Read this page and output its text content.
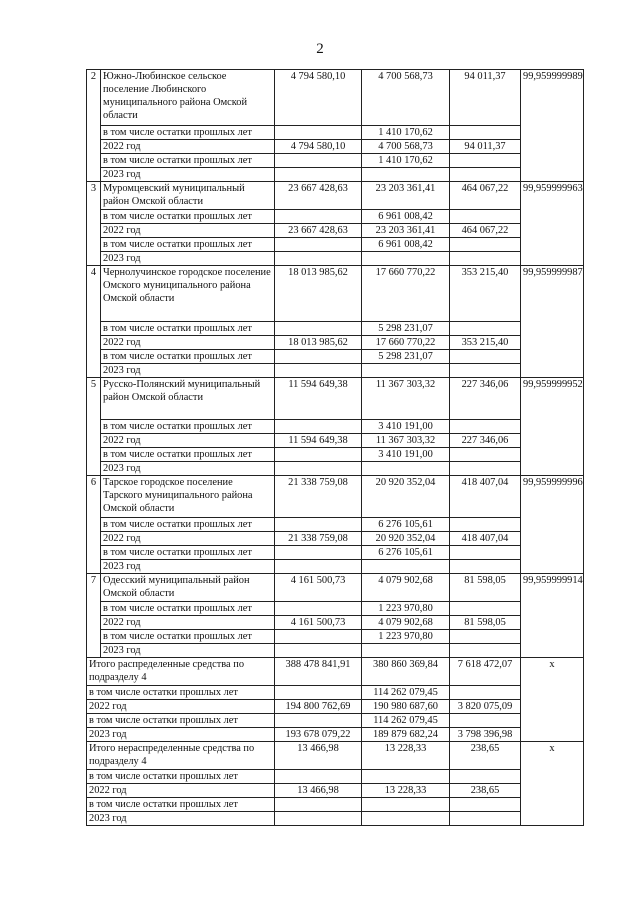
2
2	Южно-Любинское сельское поселение Любинского муниципального района Омской области	4 794 580,10	4 700 568,73	94 011,37	99,959999989
	в том числе остатки прошлых лет		1 410 170,62		
	2022 год	4 794 580,10	4 700 568,73	94 011,37	
	в том числе остатки прошлых лет		1 410 170,62		
	2023 год				
3	Муромцевский муниципальный район Омской области	23 667 428,63	23 203 361,41	464 067,22	99,959999963
	в том числе остатки прошлых лет		6 961 008,42		
	2022 год	23 667 428,63	23 203 361,41	464 067,22	
	в том числе остатки прошлых лет		6 961 008,42		
	2023 год				
4	Чернолучинское городское поселение Омского муниципального района Омской области	18 013 985,62	17 660 770,22	353 215,40	99,959999987
	в том числе остатки прошлых лет		5 298 231,07		
	2022 год	18 013 985,62	17 660 770,22	353 215,40	
	в том числе остатки прошлых лет		5 298 231,07		
	2023 год				
5	Русско-Полянский муниципальный район Омской области	11 594 649,38	11 367 303,32	227 346,06	99,959999952
	в том числе остатки прошлых лет		3 410 191,00		
	2022 год	11 594 649,38	11 367 303,32	227 346,06	
	в том числе остатки прошлых лет		3 410 191,00		
	2023 год				
6	Тарское городское поселение Тарского муниципального района Омской области	21 338 759,08	20 920 352,04	418 407,04	99,959999996
	в том числе остатки прошлых лет		6 276 105,61		
	2022 год	21 338 759,08	20 920 352,04	418 407,04	
	в том числе остатки прошлых лет		6 276 105,61		
	2023 год				
7	Одесский муниципальный район Омской области	4 161 500,73	4 079 902,68	81 598,05	99,959999914
	в том числе остатки прошлых лет		1 223 970,80		
	2022 год	4 161 500,73	4 079 902,68	81 598,05	
	в том числе остатки прошлых лет		1 223 970,80		
	2023 год				
Итого распределенные средства по подразделу 4		388 478 841,91	380 860 369,84	7 618 472,07	x
в том числе остатки прошлых лет			114 262 079,45		
2022 год		194 800 762,69	190 980 687,60	3 820 075,09	
в том числе остатки прошлых лет			114 262 079,45		
2023 год		193 678 079,22	189 879 682,24	3 798 396,98	
Итого нераспределенные средства по подразделу 4		13 466,98	13 228,33	238,65	x
в том числе остатки прошлых лет					
2022 год		13 466,98	13 228,33	238,65	
в том числе остатки прошлых лет					
2023 год					
